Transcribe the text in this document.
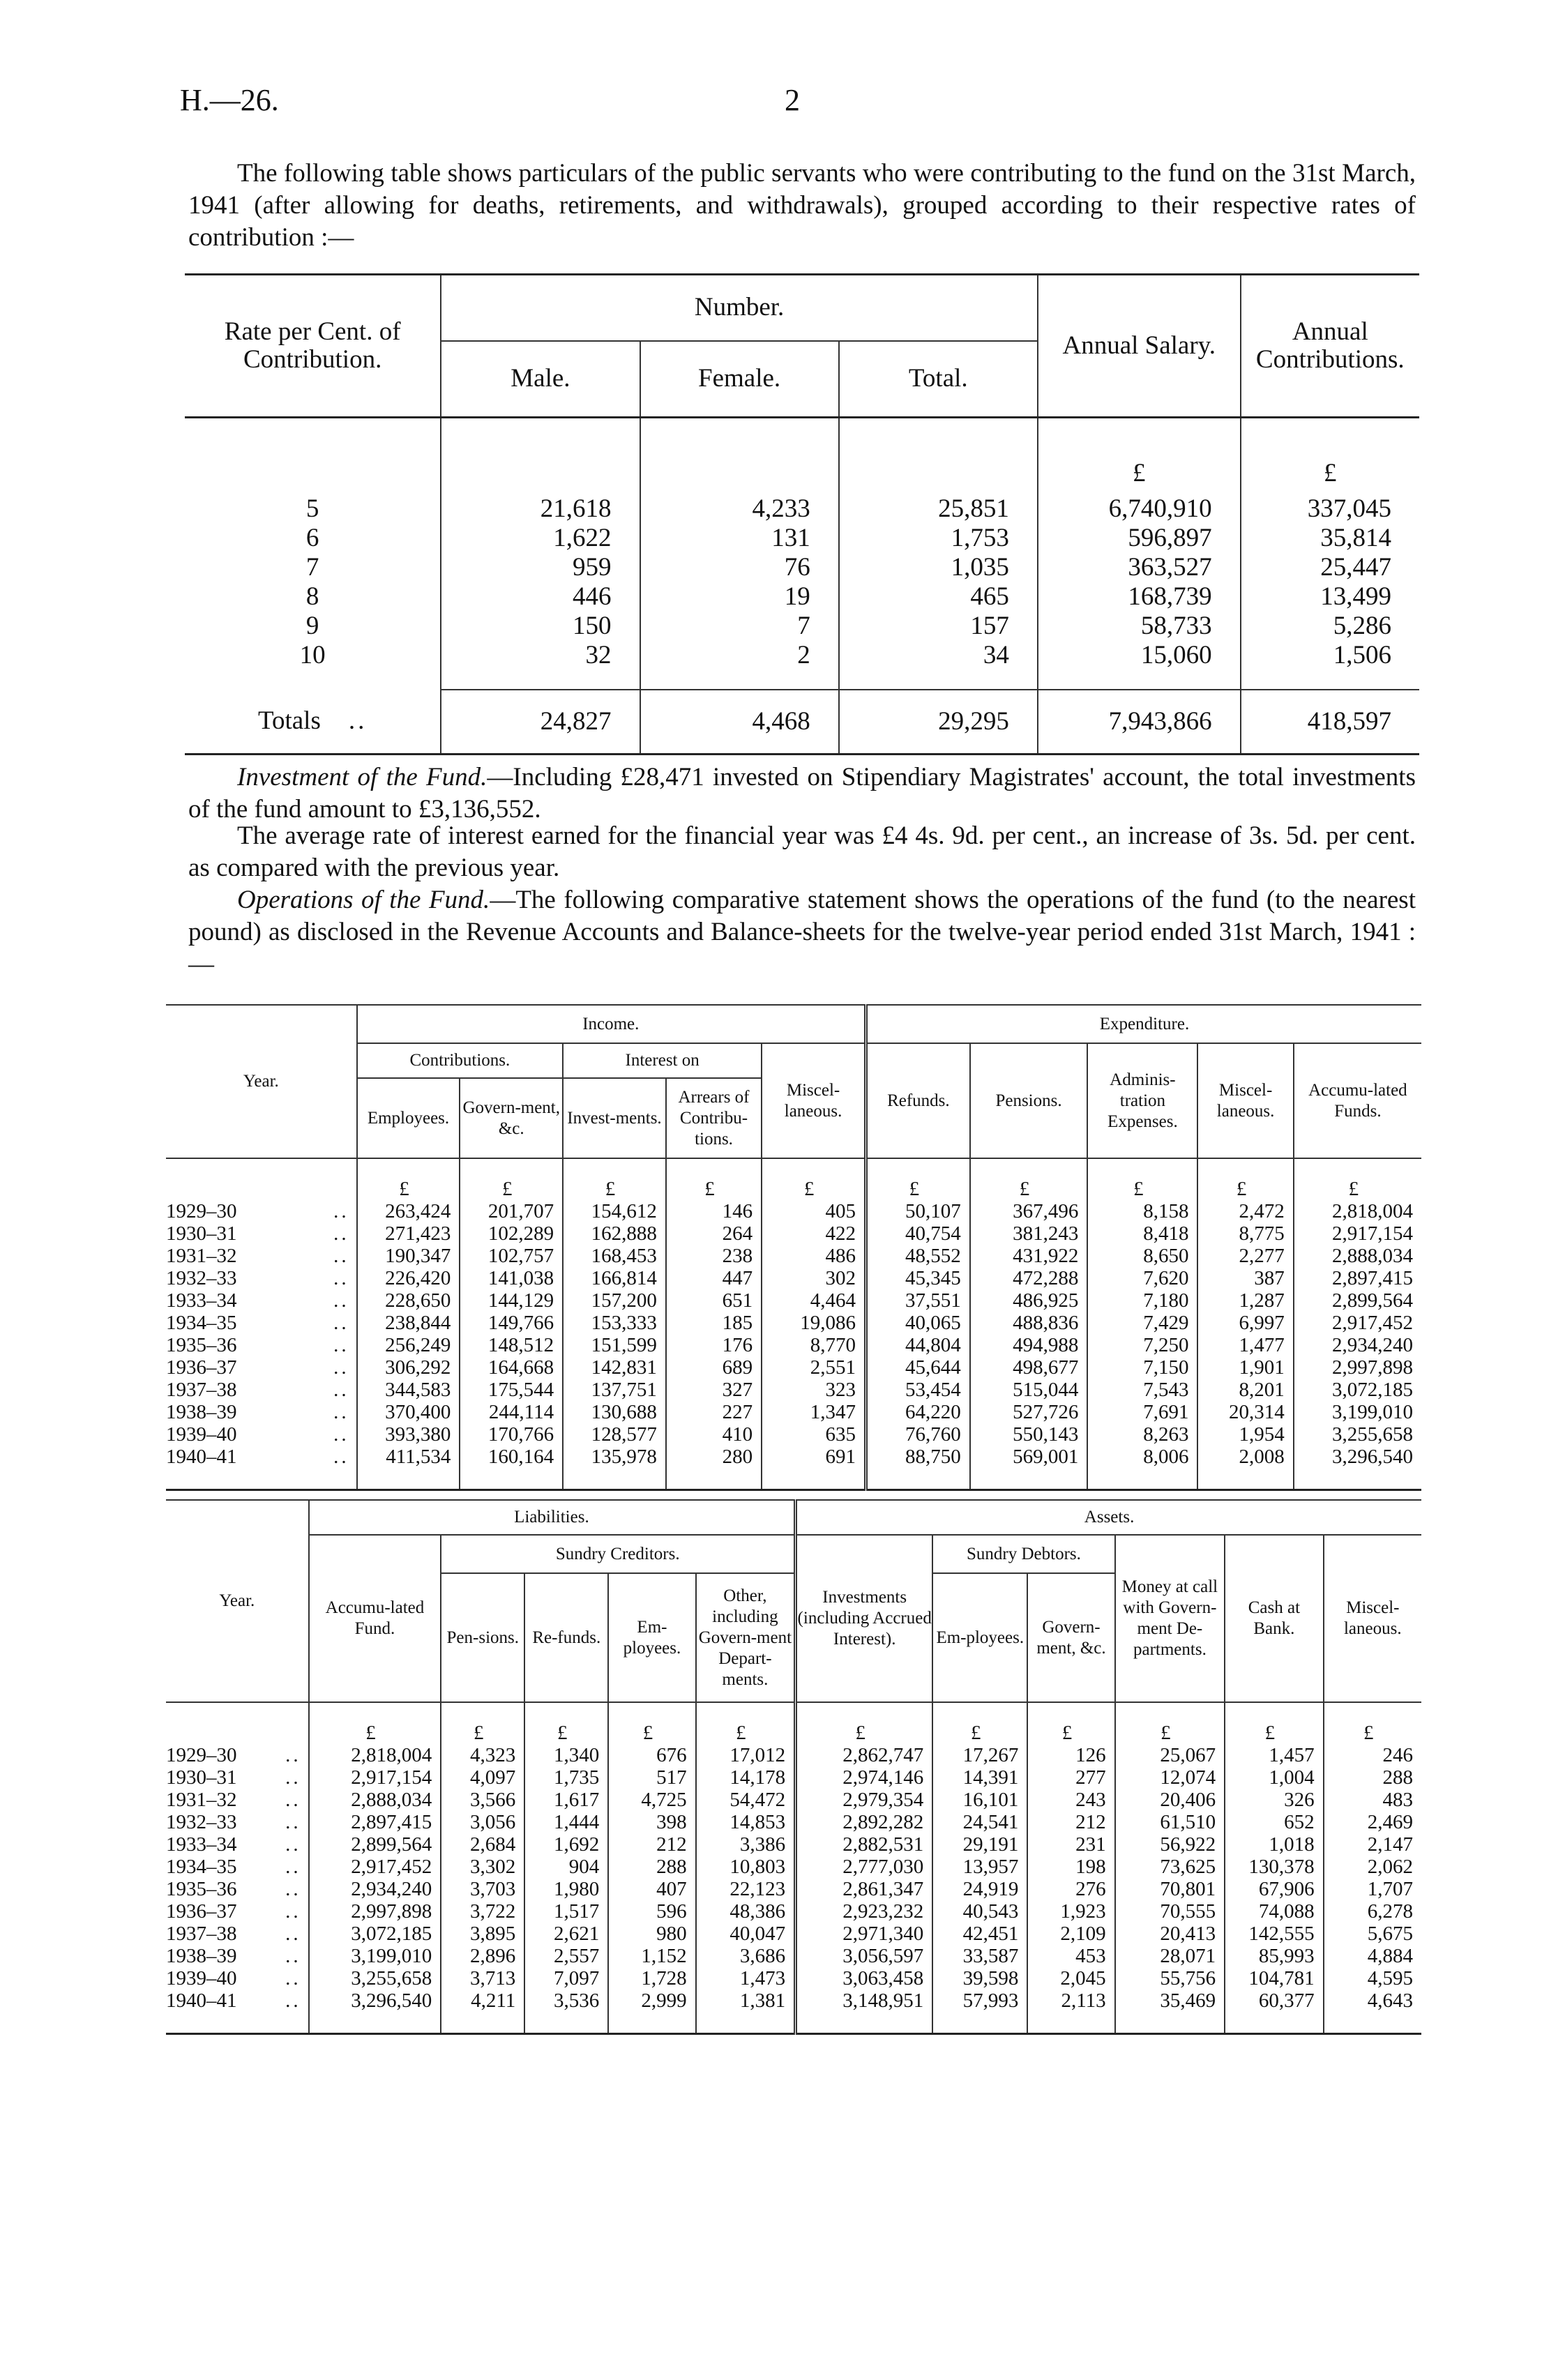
H.—26.	2
The following table shows particulars of the public servants who were contributing to the fund on the 31st March, 1941 (after allowing for deaths, retirements, and withdrawals), grouped according to their respective rates of contribution :—
Rate per Cent. of Contribution.	Number.			Annual Salary.	Annual Contributions.
	Male.	Female.	Total.		
				£	£
5	21,618	4,233	25,851	6,740,910	337,045
6	1,622	131	1,753	596,897	35,814
7	959	76	1,035	363,527	25,447
8	446	19	465	168,739	13,499
9	150	7	157	58,733	5,286
10	32	2	34	15,060	1,506
Totals ..	24,827	4,468	29,295	7,943,866	418,597
Investment of the Fund.—Including £28,471 invested on Stipendiary Magistrates' account, the total investments of the fund amount to £3,136,552.
The average rate of interest earned for the financial year was £4 4s. 9d. per cent., an increase of 3s. 5d. per cent. as compared with the previous year.
Operations of the Fund.—The following comparative statement shows the operations of the fund (to the nearest pound) as disclosed in the Revenue Accounts and Balance-sheets for the twelve-year period ended 31st March, 1941 :—
Year.	Income.					Expenditure.				
	Contributions.		Interest on		Miscel-laneous.	Refunds.	Pensions.	Adminis-tration Expenses.	Miscel-laneous.	Accumu-lated Funds.
	Employees.	Govern-ment, &c.	Invest-ments.	Arrears of Contribu-tions.						
	£	£	£	£	£	£	£	£	£	£
1929–30 ..	263,424	201,707	154,612	146	405	50,107	367,496	8,158	2,472	2,818,004
1930–31 ..	271,423	102,289	162,888	264	422	40,754	381,243	8,418	8,775	2,917,154
1931–32 ..	190,347	102,757	168,453	238	486	48,552	431,922	8,650	2,277	2,888,034
1932–33 ..	226,420	141,038	166,814	447	302	45,345	472,288	7,620	387	2,897,415
1933–34 ..	228,650	144,129	157,200	651	4,464	37,551	486,925	7,180	1,287	2,899,564
1934–35 ..	238,844	149,766	153,333	185	19,086	40,065	488,836	7,429	6,997	2,917,452
1935–36 ..	256,249	148,512	151,599	176	8,770	44,804	494,988	7,250	1,477	2,934,240
1936–37 ..	306,292	164,668	142,831	689	2,551	45,644	498,677	7,150	1,901	2,997,898
1937–38 ..	344,583	175,544	137,751	327	323	53,454	515,044	7,543	8,201	3,072,185
1938–39 ..	370,400	244,114	130,688	227	1,347	64,220	527,726	7,691	20,314	3,199,010
1939–40 ..	393,380	170,766	128,577	410	635	76,760	550,143	8,263	1,954	3,255,658
1940–41 ..	411,534	160,164	135,978	280	691	88,750	569,001	8,006	2,008	3,296,540
Year.	Liabilities.					Assets.					
	Accumu-lated Fund.	Sundry Creditors.				Investments (including Accrued Interest).	Sundry Debtors.		Money at call with Govern-ment De-partments.	Cash at Bank.	Miscel-laneous.
		Pen-sions.	Re-funds.	Em-ployees.	Other, including Govern-ment Depart-ments.		Em-ployees.	Govern-ment, &c.			
	£	£	£	£	£	£	£	£	£	£	£
1929–30 ..	2,818,004	4,323	1,340	676	17,012	2,862,747	17,267	126	25,067	1,457	246
1930–31 ..	2,917,154	4,097	1,735	517	14,178	2,974,146	14,391	277	12,074	1,004	288
1931–32 ..	2,888,034	3,566	1,617	4,725	54,472	2,979,354	16,101	243	20,406	326	483
1932–33 ..	2,897,415	3,056	1,444	398	14,853	2,892,282	24,541	212	61,510	652	2,469
1933–34 ..	2,899,564	2,684	1,692	212	3,386	2,882,531	29,191	231	56,922	1,018	2,147
1934–35 ..	2,917,452	3,302	904	288	10,803	2,777,030	13,957	198	73,625	130,378	2,062
1935–36 ..	2,934,240	3,703	1,980	407	22,123	2,861,347	24,919	276	70,801	67,906	1,707
1936–37 ..	2,997,898	3,722	1,517	596	48,386	2,923,232	40,543	1,923	70,555	74,088	6,278
1937–38 ..	3,072,185	3,895	2,621	980	40,047	2,971,340	42,451	2,109	20,413	142,555	5,675
1938–39 ..	3,199,010	2,896	2,557	1,152	3,686	3,056,597	33,587	453	28,071	85,993	4,884
1939–40 ..	3,255,658	3,713	7,097	1,728	1,473	3,063,458	39,598	2,045	55,756	104,781	4,595
1940–41 ..	3,296,540	4,211	3,536	2,999	1,381	3,148,951	57,993	2,113	35,469	60,377	4,643
